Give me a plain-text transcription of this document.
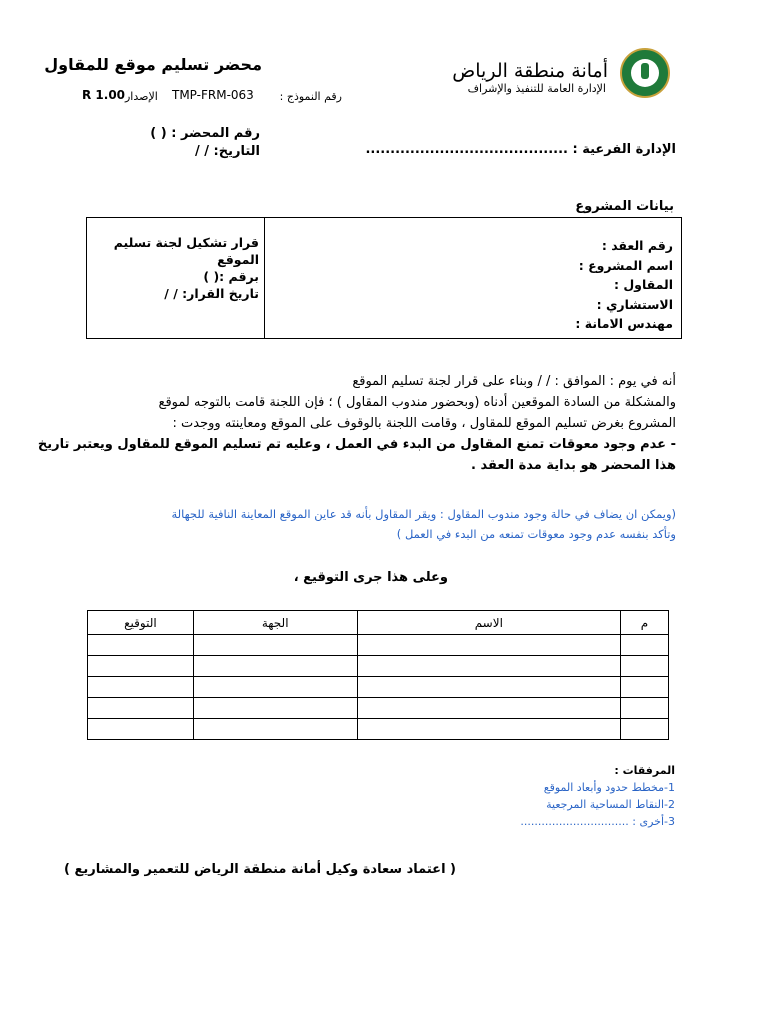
أمانة منطقة الرياض
الإدارة العامة للتنفيذ والإشراف
محضر تسليم موقع للمقاول
رقم النموذج :
TMP-FRM-063
الإصدار
R 1.00
رقم المحضر : ( )
التاريخ: / /	الإدارة الفرعية : .........................................
بيانات المشروع
رقم العقد :
اسم المشروع :
المقاول :
الاستشاري :
مهندس الامانة :
قرار تشكيل لجنة تسليم الموقع
برقم :( )
تاريخ القرار: / /
أنه في يوم : الموافق : / / وبناء على قرار لجنة تسليم الموقع
والمشكلة من السادة الموقعين أدناه (وبحضور مندوب المقاول ) ؛ فإن اللجنة قامت بالتوجه لموقع
المشروع بغرض تسليم الموقع للمقاول ، وقامت اللجنة بالوقوف على الموقع ومعاينته ووجدت :
- عدم وجود معوقات تمنع المقاول من البدء في العمل ، وعليه تم تسليم الموقع للمقاول ويعتبر تاريخ
هذا المحضر هو بداية مدة العقد .
(ويمكن ان يضاف في حالة وجود مندوب المقاول : ويقر المقاول بأنه قد عاين الموقع المعاينة النافية للجهالة
وتأكد بنفسه عدم وجود معوقات تمنعه من البدء في العمل )
وعلى هذا جرى التوقيع ،
التوقيع	الجهة	الاسم	م

المرفقات :
1-مخطط حدود وأبعاد الموقع
2-النقاط المساحية المرجعية
3-أخرى : ...............................
( اعتماد سعادة وكيل أمانة منطقة الرياض للتعمير والمشاريع )
